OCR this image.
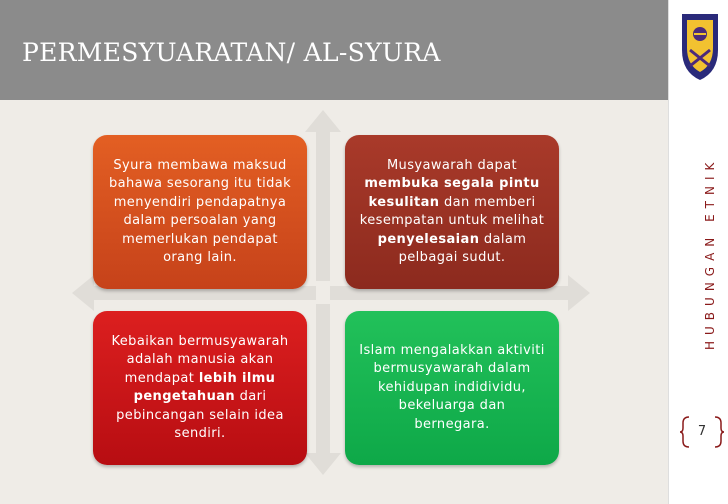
PERMESYUARATAN/ AL-SYURA
HUBUNGAN ETNIK
7
Syura membawa maksud bahawa sesorang itu tidak menyendiri pendapatnya dalam persoalan yang memerlukan pendapat orang lain.
Musyawarah dapat membuka segala pintu kesulitan dan memberi kesempatan untuk melihat penyelesaian dalam pelbagai sudut.
Kebaikan bermusyawarah adalah manusia akan mendapat lebih ilmu pengetahuan dari pebincangan selain idea sendiri.
Islam mengalakkan aktiviti bermusyawarah dalam kehidupan indidividu, bekeluarga dan bernegara.
